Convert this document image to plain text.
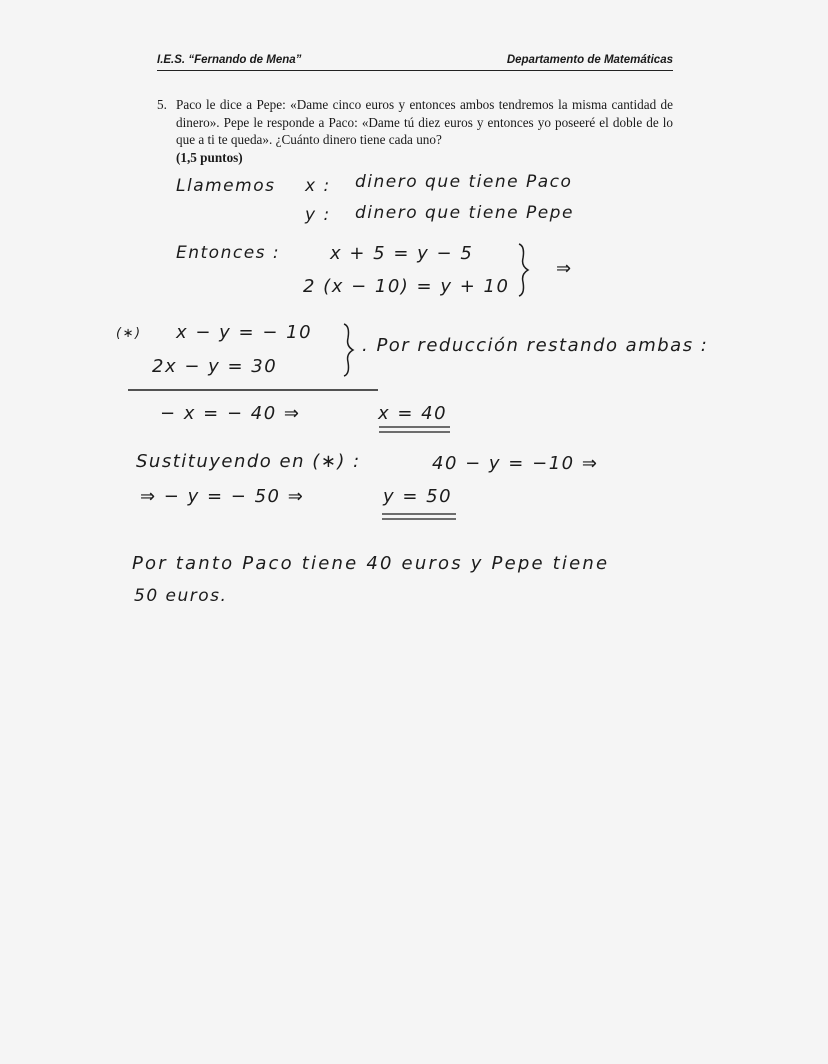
I.E.S. “Fernando de Mena”	Departamento de Matemáticas
5. Paco le dice a Pepe: «Dame cinco euros y entonces ambos tendremos la misma cantidad de dinero». Pepe le responde a Paco: «Dame tú diez euros y entonces yo poseeré el doble de lo que a ti te queda». ¿Cuánto dinero tiene cada uno?
(1,5 puntos)
Llamemos x : dinero que tiene Paco
y : dinero que tiene Pepe
Entonces :	x + 5 = y − 5
2 (x − 10) = y + 10
⇒
(∗) x − y = − 10
2x − y = 30
. Por reducción restando ambas :
− x = − 40 ⇒	x = 40
Sustituyendo en (∗) :	40 − y = −10 ⇒
⇒ − y = − 50 ⇒	y = 50
Por tanto Paco tiene 40 euros y Pepe tiene
50 euros.
